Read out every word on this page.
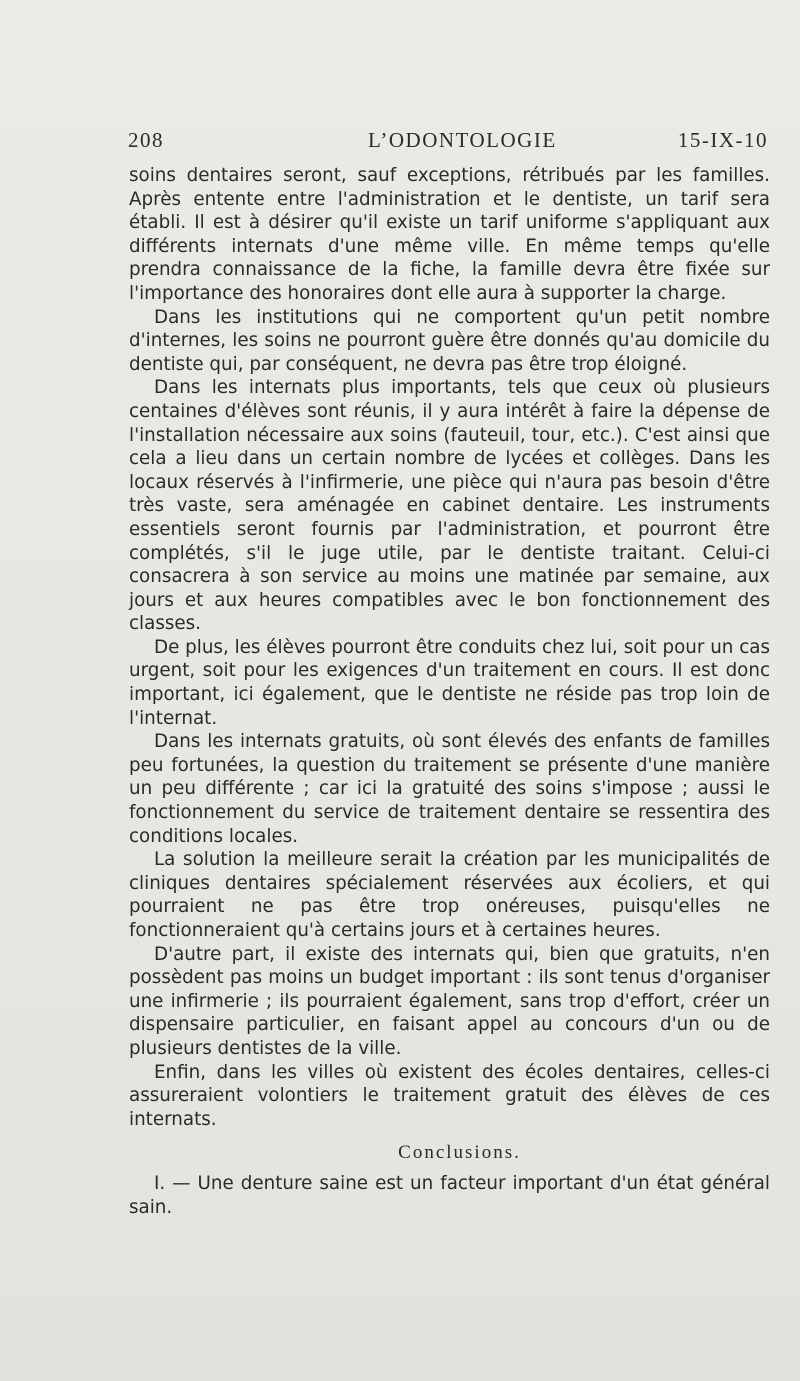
208	L’ODONTOLOGIE	15-IX-10

soins dentaires seront, sauf exceptions, rétribués par les familles. Après entente entre l'administration et le dentiste, un tarif sera établi. Il est à désirer qu'il existe un tarif uniforme s'appliquant aux différents internats d'une même ville. En même temps qu'elle prendra connaissance de la fiche, la famille devra être fixée sur l'importance des honoraires dont elle aura à supporter la charge.

Dans les institutions qui ne comportent qu'un petit nombre d'internes, les soins ne pourront guère être donnés qu'au domicile du dentiste qui, par conséquent, ne devra pas être trop éloigné.

Dans les internats plus importants, tels que ceux où plusieurs centaines d'élèves sont réunis, il y aura intérêt à faire la dépense de l'installation nécessaire aux soins (fauteuil, tour, etc.). C'est ainsi que cela a lieu dans un certain nombre de lycées et collèges. Dans les locaux réservés à l'infirmerie, une pièce qui n'aura pas besoin d'être très vaste, sera aménagée en cabinet dentaire. Les instruments essentiels seront fournis par l'administration, et pourront être complétés, s'il le juge utile, par le dentiste traitant. Celui-ci consacrera à son service au moins une matinée par semaine, aux jours et aux heures compatibles avec le bon fonctionnement des classes.

De plus, les élèves pourront être conduits chez lui, soit pour un cas urgent, soit pour les exigences d'un traitement en cours. Il est donc important, ici également, que le dentiste ne réside pas trop loin de l'internat.

Dans les internats gratuits, où sont élevés des enfants de familles peu fortunées, la question du traitement se présente d'une manière un peu différente ; car ici la gratuité des soins s'impose ; aussi le fonctionnement du service de traitement dentaire se ressentira des conditions locales.

La solution la meilleure serait la création par les municipalités de cliniques dentaires spécialement réservées aux écoliers, et qui pourraient ne pas être trop onéreuses, puisqu'elles ne fonctionneraient qu'à certains jours et à certaines heures.

D'autre part, il existe des internats qui, bien que gratuits, n'en possèdent pas moins un budget important : ils sont tenus d'organiser une infirmerie ; ils pourraient également, sans trop d'effort, créer un dispensaire particulier, en faisant appel au concours d'un ou de plusieurs dentistes de la ville.

Enfin, dans les villes où existent des écoles dentaires, celles-ci assureraient volontiers le traitement gratuit des élèves de ces internats.

Conclusions.

I. — Une denture saine est un facteur important d'un état général sain.
